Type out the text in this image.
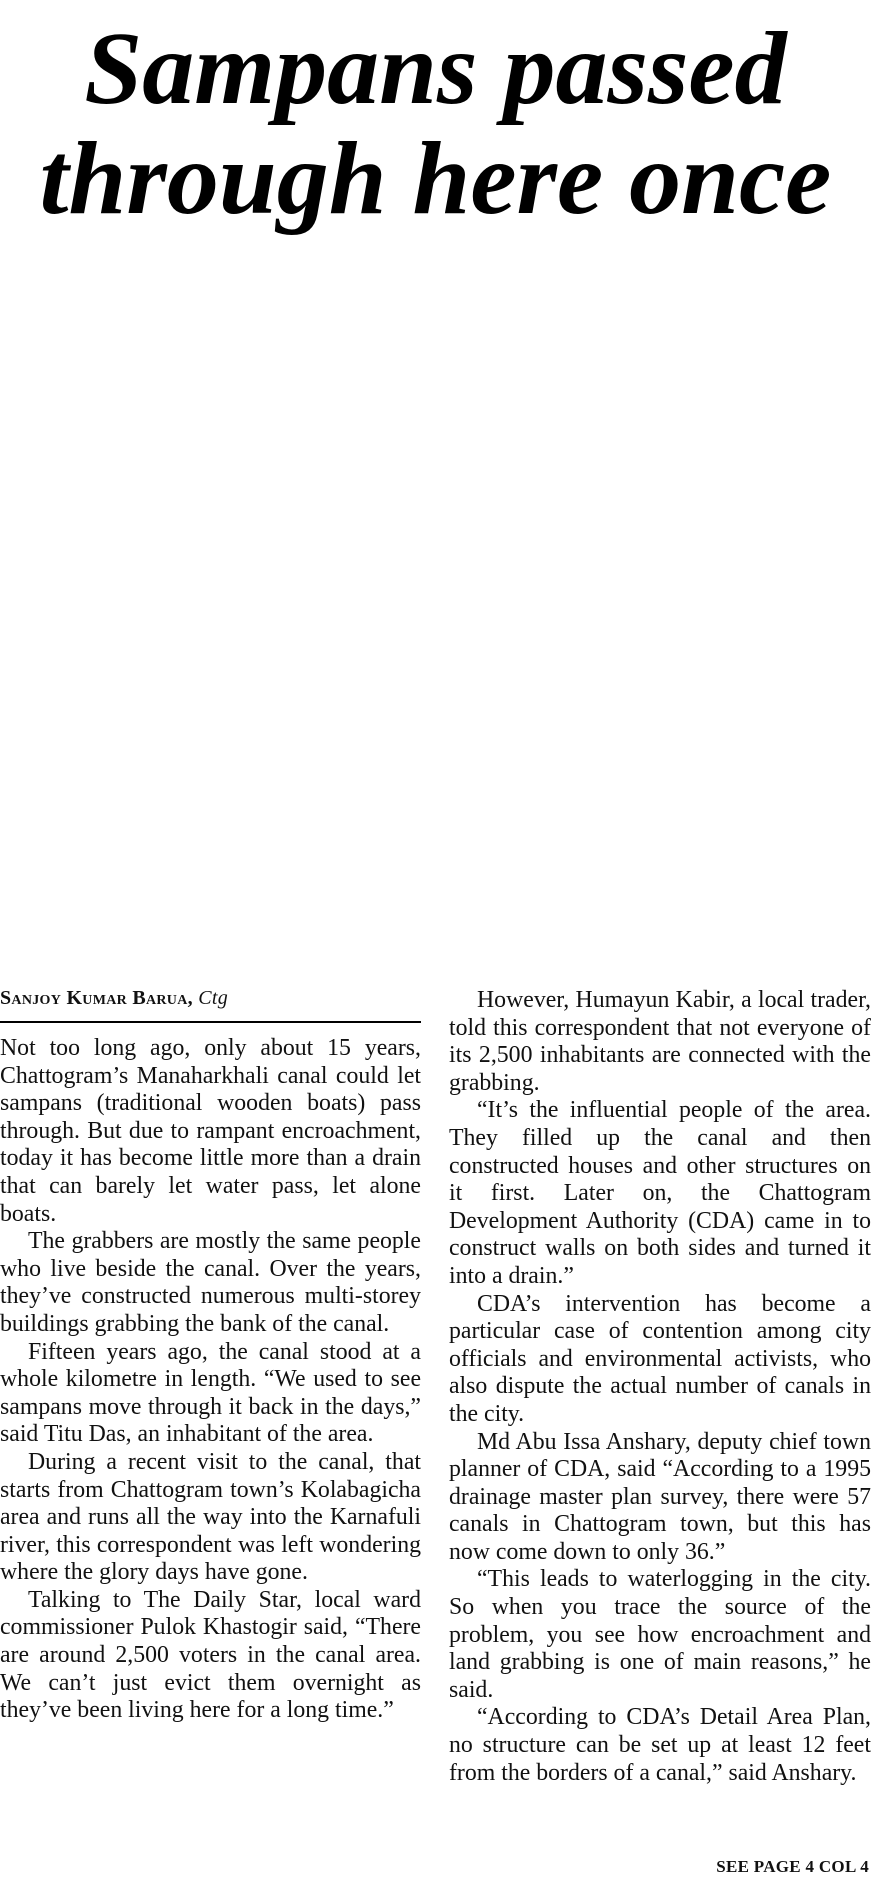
Sampans passed
through here once
Sanjoy Kumar Barua, Ctg

Not too long ago, only about 15 years, Chattogram’s Manaharkhali canal could let sampans (traditional wooden boats) pass through. But due to rampant encroachment, today it has become little more than a drain that can barely let water pass, let alone boats.

The grabbers are mostly the same people who live beside the canal. Over the years, they’ve constructed numerous multi-storey buildings grabbing the bank of the canal.

Fifteen years ago, the canal stood at a whole kilometre in length. “We used to see sampans move through it back in the days,” said Titu Das, an inhabitant of the area.

During a recent visit to the canal, that starts from Chattogram town’s Kolabagicha area and runs all the way into the Karnafuli river, this correspondent was left wondering where the glory days have gone.

Talking to The Daily Star, local ward commissioner Pulok Khastogir said, “There are around 2,500 voters in the canal area. We can’t just evict them overnight as they’ve been living here for a long time.”

However, Humayun Kabir, a local trader, told this correspondent that not everyone of its 2,500 inhabitants are connected with the grabbing.

“It’s the influential people of the area. They filled up the canal and then constructed houses and other structures on it first. Later on, the Chattogram Development Authority (CDA) came in to construct walls on both sides and turned it into a drain.”

CDA’s intervention has become a particular case of contention among city officials and environmental activists, who also dispute the actual number of canals in the city.

Md Abu Issa Anshary, deputy chief town planner of CDA, said “According to a 1995 drainage master plan survey, there were 57 canals in Chattogram town, but this has now come down to only 36.”

“This leads to waterlogging in the city. So when you trace the source of the problem, you see how encroachment and land grabbing is one of main reasons,” he said.

“According to CDA’s Detail Area Plan, no structure can be set up at least 12 feet from the borders of a canal,” said Anshary.

SEE PAGE 4 COL 4
